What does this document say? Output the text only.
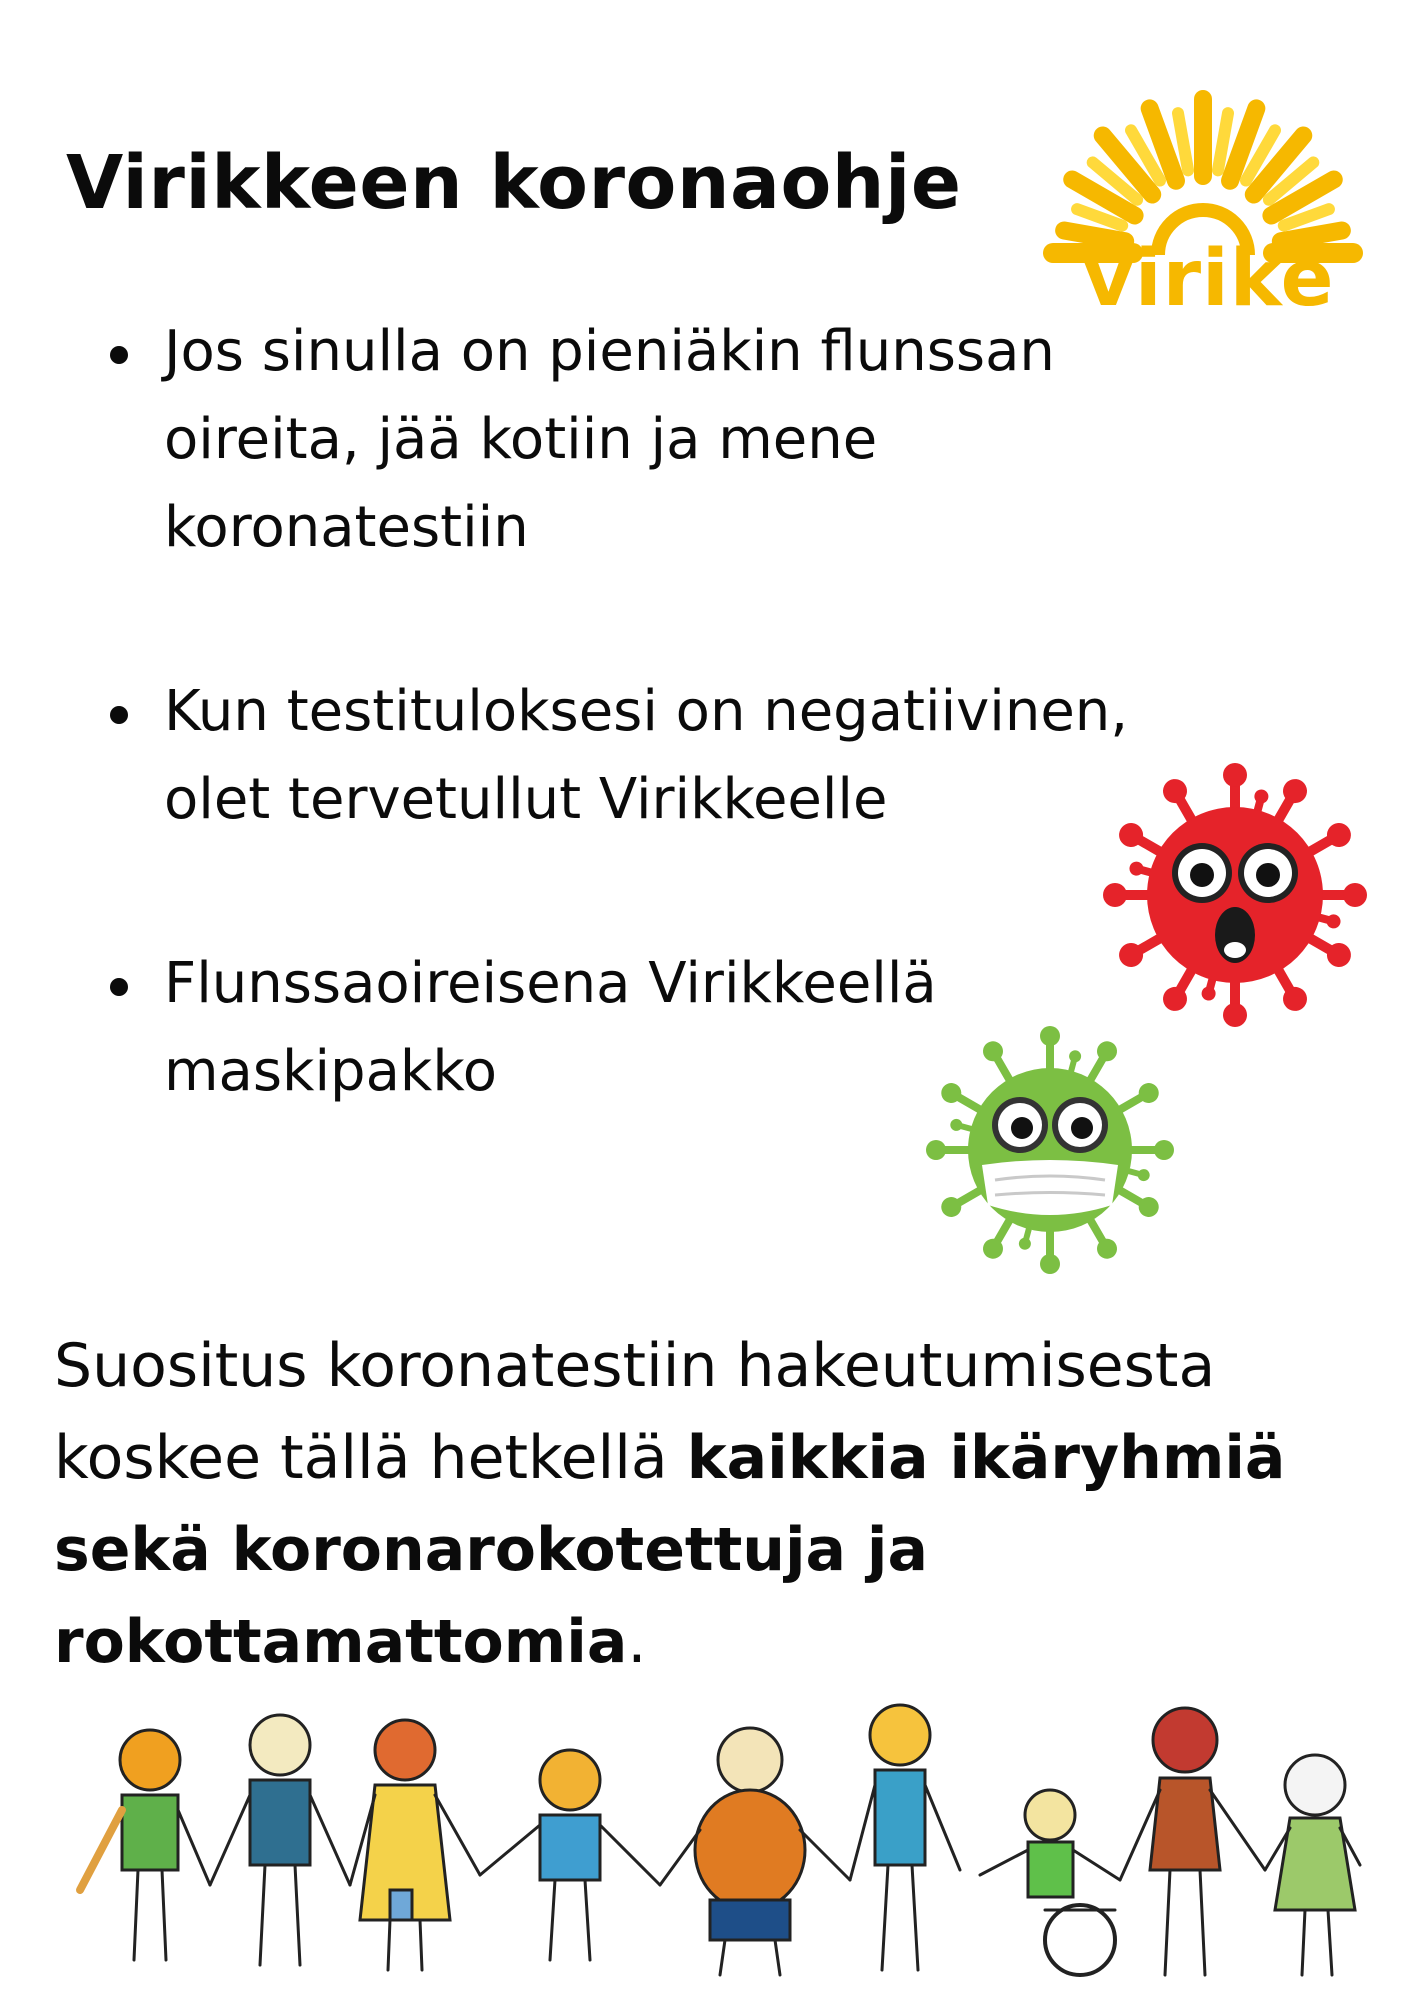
Virikkeen koronaohje
virike
Jos sinulla on pieniäkin flunssan
oireita, jää kotiin ja mene
koronatestiin
Kun testituloksesi on negatiivinen,
olet tervetullut Virikkeelle
Flunssaoireisena Virikkeellä
maskipakko

Suositus koronatestiin hakeutumisesta koskee tällä hetkellä kaikkia ikäryhmiä sekä koronarokotettuja ja rokottamattomia.
